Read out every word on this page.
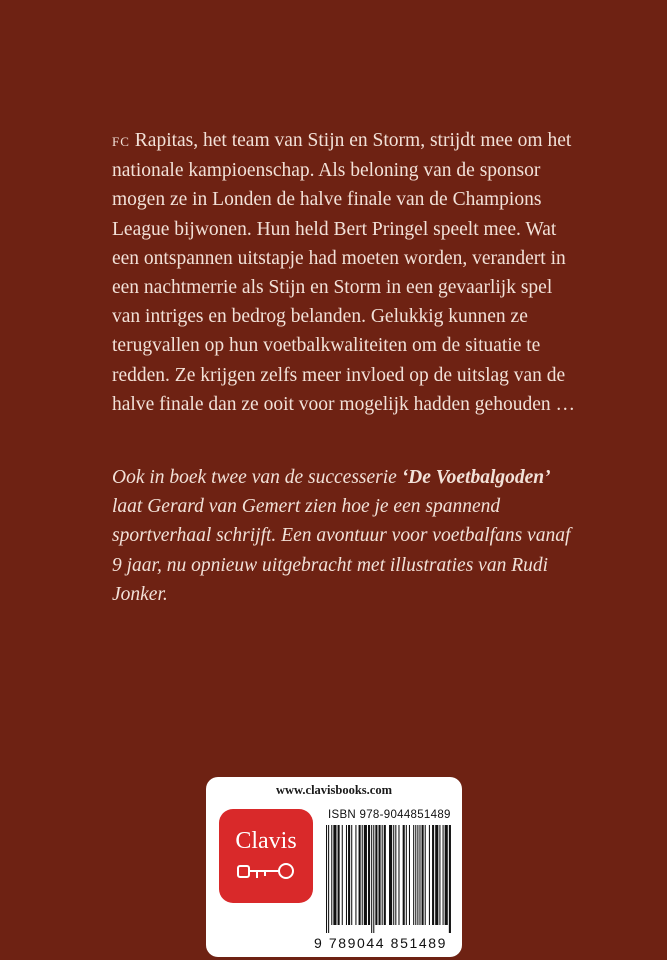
FC Rapitas, het team van Stijn en Storm, strijdt mee om het nationale kampioenschap. Als beloning van de sponsor mogen ze in Londen de halve finale van de Champions League bijwonen. Hun held Bert Pringel speelt mee. Wat een ontspannen uitstapje had moeten worden, verandert in een nachtmerrie als Stijn en Storm in een gevaarlijk spel van intriges en bedrog belanden. Gelukkig kunnen ze terugvallen op hun voetbalkwaliteiten om de situatie te redden. Ze krijgen zelfs meer invloed op de uitslag van de halve finale dan ze ooit voor mogelijk hadden gehouden …

Ook in boek twee van de successerie ‘De Voetbalgoden’ laat Gerard van Gemert zien hoe je een spannend sportverhaal schrijft. Een avontuur voor voetbalfans vanaf 9 jaar, nu opnieuw uitgebracht met illustraties van Rudi Jonker.

www.clavisbooks.com
Clavis
ISBN 978-9044851489
9 789044 851489
